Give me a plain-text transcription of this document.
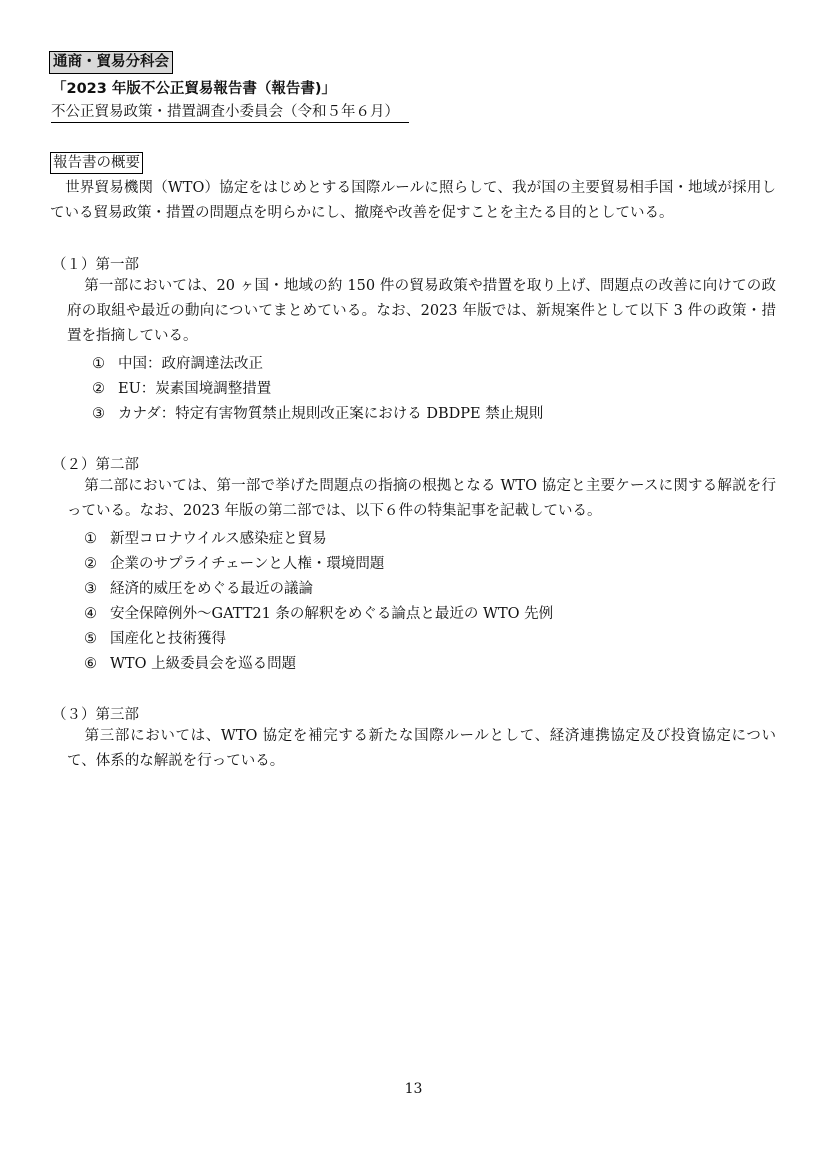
通商・貿易分科会
「2023 年版不公正貿易報告書（報告書)」
不公正貿易政策・措置調査小委員会（令和５年６月）
報告書の概要
世界貿易機関（WTO）協定をはじめとする国際ルールに照らして、我が国の主要貿易相手国・地域が採用している貿易政策・措置の問題点を明らかにし、撤廃や改善を促すことを主たる目的としている。
（１）第一部
第一部においては、20 ヶ国・地域の約 150 件の貿易政策や措置を取り上げ、問題点の改善に向けての政府の取組や最近の動向についてまとめている。なお、2023 年版では、新規案件として以下 3 件の政策・措置を指摘している。
① 中国：政府調達法改正
② EU：炭素国境調整措置
③ カナダ：特定有害物質禁止規則改正案における DBDPE 禁止規則
（２）第二部
第二部においては、第一部で挙げた問題点の指摘の根拠となる WTO 協定と主要ケースに関する解説を行っている。なお、2023 年版の第二部では、以下６件の特集記事を記載している。
① 新型コロナウイルス感染症と貿易
② 企業のサプライチェーンと人権・環境問題
③ 経済的威圧をめぐる最近の議論
④ 安全保障例外～GATT21 条の解釈をめぐる論点と最近の WTO 先例
⑤ 国産化と技術獲得
⑥ WTO 上級委員会を巡る問題
（３）第三部
第三部においては、WTO 協定を補完する新たな国際ルールとして、経済連携協定及び投資協定について、体系的な解説を行っている。
13
